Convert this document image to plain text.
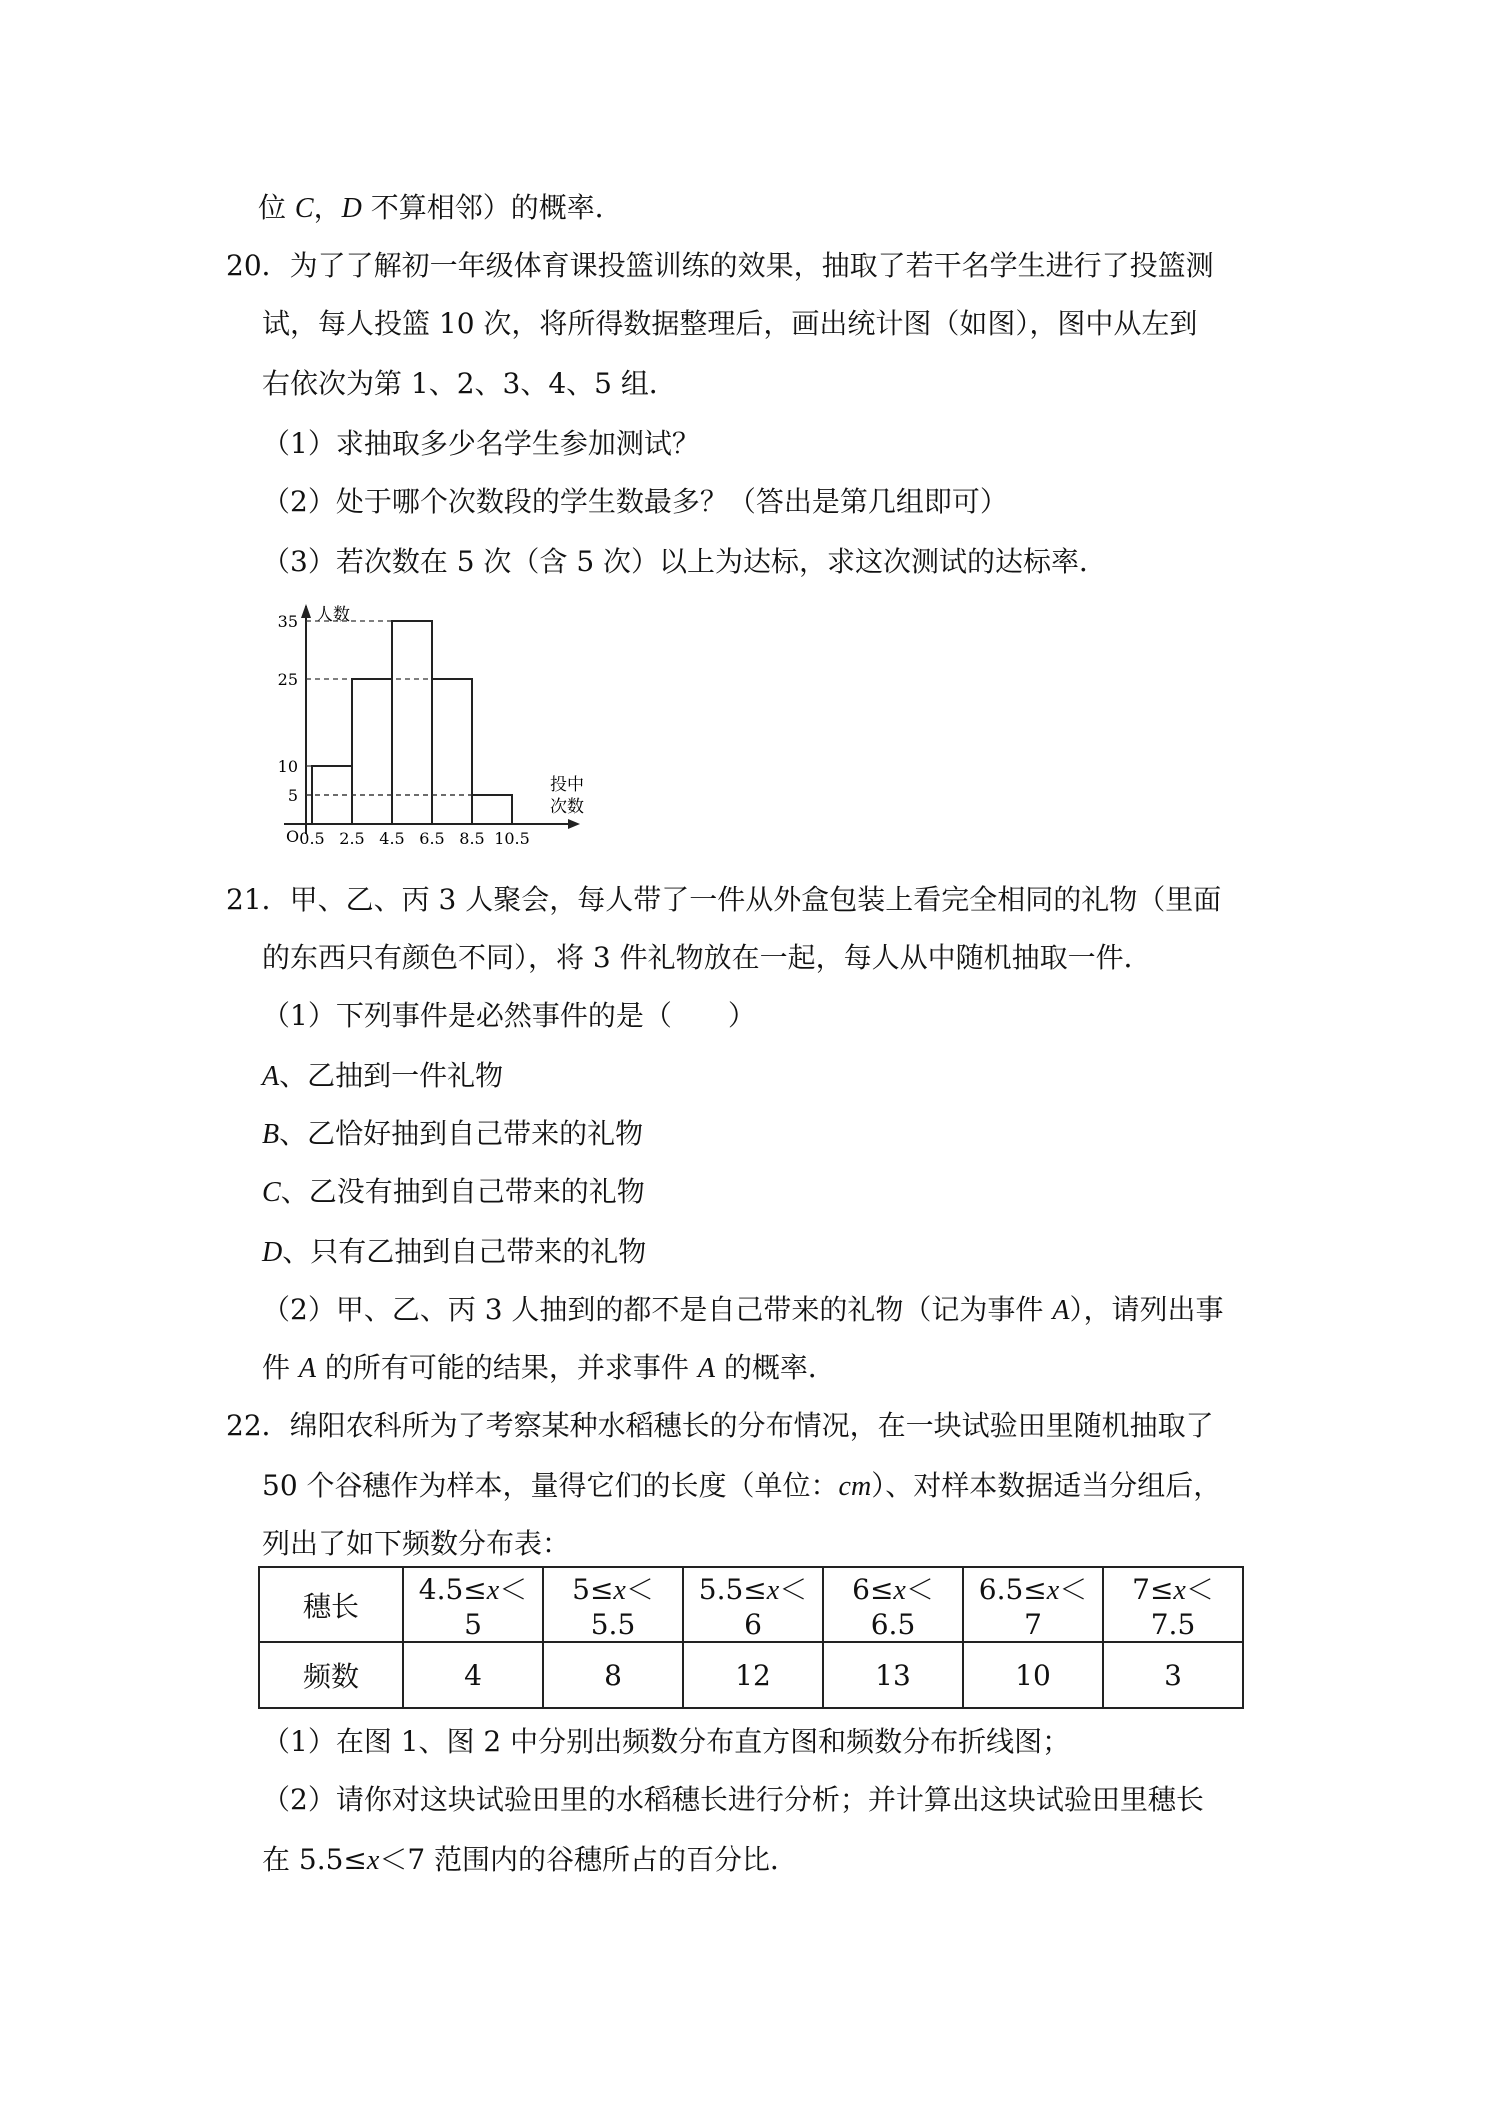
位 C，D 不算相邻）的概率．
20．为了了解初一年级体育课投篮训练的效果，抽取了若干名学生进行了投篮测
试，每人投篮 10 次，将所得数据整理后，画出统计图（如图），图中从左到
右依次为第 1、2、3、4、5 组．
（1）求抽取多少名学生参加测试？
（2）处于哪个次数段的学生数最多？（答出是第几组即可）
（3）若次数在 5 次（含 5 次）以上为达标，求这次测试的达标率．
人数
投中
次数
O
5
10
25
35
0.5 2.5 4.5 6.5 8.5 10.5
21．甲、乙、丙 3 人聚会，每人带了一件从外盒包装上看完全相同的礼物（里面
的东西只有颜色不同），将 3 件礼物放在一起，每人从中随机抽取一件．
（1）下列事件是必然事件的是（　　）
A、乙抽到一件礼物
B、乙恰好抽到自己带来的礼物
C、乙没有抽到自己带来的礼物
D、只有乙抽到自己带来的礼物
（2）甲、乙、丙 3 人抽到的都不是自己带来的礼物（记为事件 A），请列出事
件 A 的所有可能的结果，并求事件 A 的概率．
22．绵阳农科所为了考察某种水稻穗长的分布情况，在一块试验田里随机抽取了
50 个谷穗作为样本，量得它们的长度（单位：cm）、对样本数据适当分组后，
列出了如下频数分布表：
穗长	4.5≤x＜5	5≤x＜5.5	5.5≤x＜6	6≤x＜6.5	6.5≤x＜7	7≤x＜7.5
频数	4	8	12	13	10	3
（1）在图 1、图 2 中分别出频数分布直方图和频数分布折线图；
（2）请你对这块试验田里的水稻穗长进行分析；并计算出这块试验田里穗长
在 5.5≤x＜7 范围内的谷穗所占的百分比．
